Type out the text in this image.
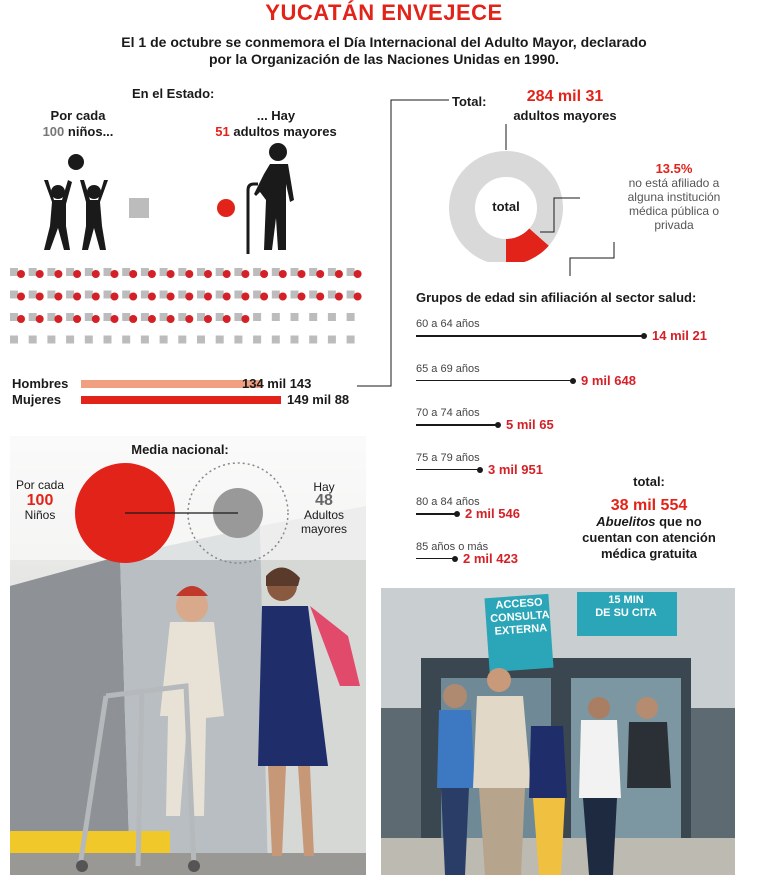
YUCATÁN ENVEJECE
El 1 de octubre se conmemora el Día Internacional del Adulto Mayor, declarado
por la Organización de las Naciones Unidas en 1990.
En el Estado:
Por cada
100 niños...
... Hay
51 adultos mayores
Hombres	134 mil 143
Mujeres	149 mil 88
Total:	284 mil 31
adultos mayores
total
13.5%
no está afiliado a
alguna institución
médica pública o
privada
Grupos de edad sin afiliación al sector salud:
60 a 64 años
14 mil 21
65 a 69 años
9 mil 648
70 a 74 años
5 mil 65
75 a 79 años
3 mil 951
80 a 84 años
2 mil 546
85 años o más
2 mil 423
total:
38 mil 554
Abuelitos que no
cuentan con atención
médica gratuita
Media nacional:
Por cada
100
Niños
Hay
48
Adultos
mayores
ACCESO
CONSULTA
EXTERNA
15 MIN
DE SU CITA
